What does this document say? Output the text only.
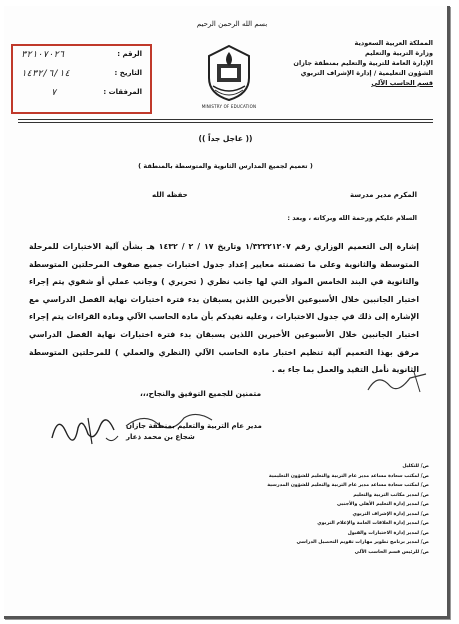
بسم الله الرحمن الرحيم
المملكة العربية السعودية
وزارة التربية والتعليم
الإدارة العامة للتربية والتعليم بمنطقة جازان
الشؤون التعليمية / إدارة الإشراف التربوي
قسم الحاسب الآلي
MINISTRY OF EDUCATION
الرقم :
٣٢١٠٧٠٢٦
التاريخ :
١٤٣٢/٦/١٤
المرفقات :
٧
(( عاجل جداً ))
( تعميم لجميع المدارس الثانوية والمتوسطة بالمنطقة )
المكرم مدير مدرسة
حفظه الله
السلام عليكم ورحمة الله وبركاته ، وبعد :

إشارة إلى التعميم الوزاري رقم ١/٣٢٢٢١٢٠٧ وتاريخ ١٧ / ٢ / ١٤٣٢ هـ بشأن آلية الاختبارات للمرحلة المتوسطة والثانوية وعلى ما تضمنته معايير إعداد جدول اختبارات جميع صفوف المرحلتين المتوسطة والثانوية في البند الخامس المواد التي لها جانب نظري ( تحريري ) وجانب عملي أو شفوي يتم إجراء اختبار الجانبين خلال الأسبوعين الأخيرين اللذين يسبقان بدء فترة اختبارات نهاية الفصل الدراسي مع الإشارة إلى ذلك في جدول الاختبارات ، وعليه نفيدكم بأن مادة الحاسب الآلي ومادة القراءات يتم إجراء اختبار الجانبين خلال الأسبوعين الأخيرين اللذين يسبقان بدء فترة اختبارات نهاية الفصل الدراسي مرفق بهذا التعميم آلية تنظيم اختبار مادة الحاسب الآلي (النظري والعملي ) للمرحلتين المتوسطة الثانوية نأمل التقيد والعمل بما جاء به .

متمنين للجميع التوفيق والنجاح،،،
مدير عام التربية والتعليم بمنطقة جازان
شجاع بن محمد ذعار
ص/ للتكليل
ص/ لمكتب سعادة مساعد مدير عام التربية والتعليم للشؤون التعليمية
ص/ لمكتب سعادة مساعد مدير عام التربية والتعليم للشؤون المدرسية
ص/ لمدير مكاتب التربية والتعليم
ص/ لمدير إدارة التعليم الأهلي والأجنبي
ص/ لمدير إدارة الإشراف التربوي
ص/ لمدير إدارة العلاقات العامة والإعلام التربوي
ص/ لمدير إدارة الاختبارات والقبول
ص/ لمدير برنامج تطوير مهارات تقويم التحصيل الدراسي
ص/ للرئيس قسم الحاسب الآلي
